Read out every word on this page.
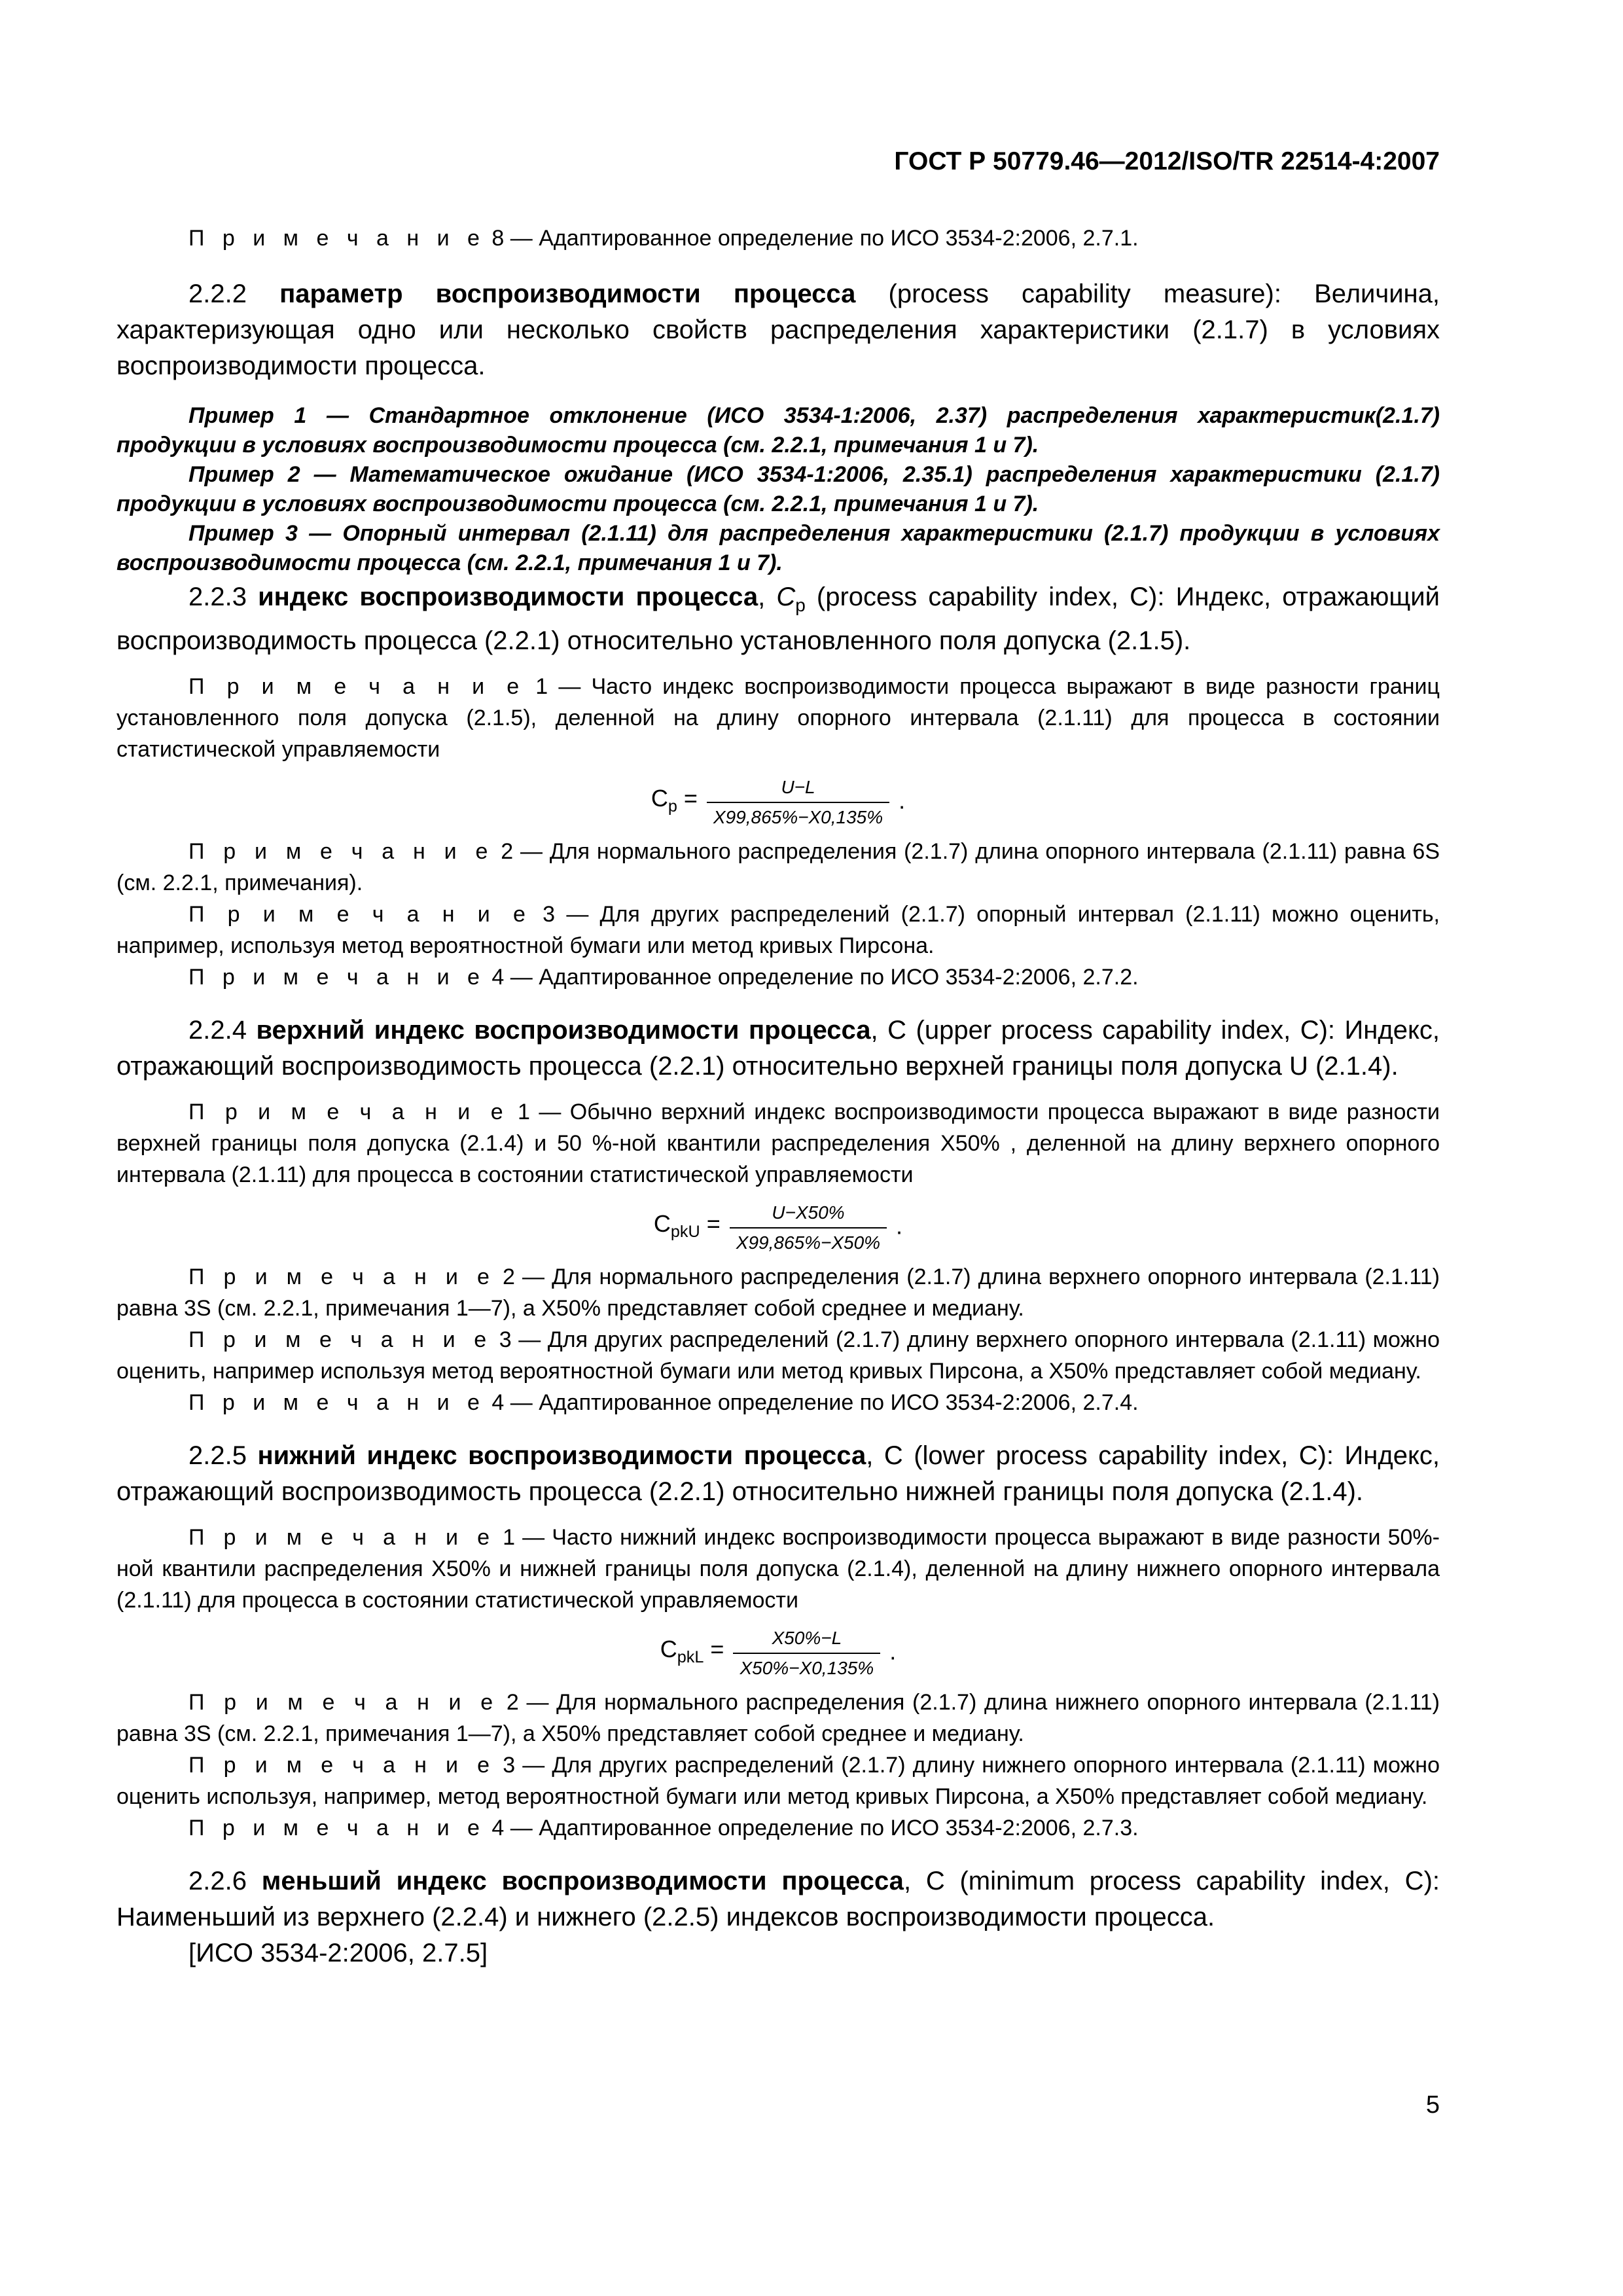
ГОСТ Р 50779.46—2012/ISO/TR 22514-4:2007

П р и м е ч а н и е 8 — Адаптированное определение по ИСО 3534-2:2006, 2.7.1.

2.2.2 параметр воспроизводимости процесса (process capability measure): Величина, характеризующая одно или несколько свойств распределения характеристики (2.1.7) в условиях воспроизводимости процесса.

Пример 1 — Стандартное отклонение (ИСО 3534-1:2006, 2.37) распределения характеристик(2.1.7) продукции в условиях воспроизводимости процесса (см. 2.2.1, примечания 1 и 7).

Пример 2 — Математическое ожидание (ИСО 3534-1:2006, 2.35.1) распределения характеристики (2.1.7) продукции в условиях воспроизводимости процесса (см. 2.2.1, примечания 1 и 7).

Пример 3 — Опорный интервал (2.1.11) для распределения характеристики (2.1.7) продукции в условиях воспроизводимости процесса (см. 2.2.1, примечания 1 и 7).

2.2.3 индекс воспроизводимости процесса, $C_p$ (process capability index, C): Индекс, отражающий воспроизводимость процесса (2.2.1) относительно установленного поля допуска (2.1.5).

П р и м е ч а н и е 1 — Часто индекс воспроизводимости процесса выражают в виде разности границ установленного поля допуска (2.1.5), деленной на длину опорного интервала (2.1.11) для процесса в состоянии статистической управляемости

$C_p = \frac{U-L}{X99,865\%-X0,135\%}$ .

П р и м е ч а н и е 2 — Для нормального распределения (2.1.7) длина опорного интервала (2.1.11) равна 6S (см. 2.2.1, примечания).

П р и м е ч а н и е 3 — Для других распределений (2.1.7) опорный интервал (2.1.11) можно оценить, например, используя метод вероятностной бумаги или метод кривых Пирсона.

П р и м е ч а н и е 4 — Адаптированное определение по ИСО 3534-2:2006, 2.7.2.

2.2.4 верхний индекс воспроизводимости процесса, C (upper process capability index, C): Индекс, отражающий воспроизводимость процесса (2.2.1) относительно верхней границы поля допуска U (2.1.4).

П р и м е ч а н и е 1 — Обычно верхний индекс воспроизводимости процесса выражают в виде разности верхней границы поля допуска (2.1.4) и 50 %-ной квантили распределения X50% , деленной на длину верхнего опорного интервала (2.1.11) для процесса в состоянии статистической управляемости

$C_{pkU} = \frac{U-X50\%}{X99,865\%-X50\%}$ .

П р и м е ч а н и е 2 — Для нормального распределения (2.1.7) длина верхнего опорного интервала (2.1.11) равна 3S (см. 2.2.1, примечания 1—7), а X50% представляет собой среднее и медиану.

П р и м е ч а н и е 3 — Для других распределений (2.1.7) длину верхнего опорного интервала (2.1.11) можно оценить, например используя метод вероятностной бумаги или метод кривых Пирсона, а X50% представляет собой медиану.

П р и м е ч а н и е 4 — Адаптированное определение по ИСО 3534-2:2006, 2.7.4.

2.2.5 нижний индекс воспроизводимости процесса, C (lower process capability index, C): Индекс, отражающий воспроизводимость процесса (2.2.1) относительно нижней границы поля допуска (2.1.4).

П р и м е ч а н и е 1 — Часто нижний индекс воспроизводимости процесса выражают в виде разности 50%-ной квантили распределения X50% и нижней границы поля допуска (2.1.4), деленной на длину нижнего опорного интервала (2.1.11) для процесса в состоянии статистической управляемости

$C_{pkL} = \frac{X50\%-L}{X50\%-X0,135\%}$ .

П р и м е ч а н и е 2 — Для нормального распределения (2.1.7) длина нижнего опорного интервала (2.1.11) равна 3S (см. 2.2.1, примечания 1—7), а X50% представляет собой среднее и медиану.

П р и м е ч а н и е 3 — Для других распределений (2.1.7) длину нижнего опорного интервала (2.1.11) можно оценить используя, например, метод вероятностной бумаги или метод кривых Пирсона, а X50% представляет собой медиану.

П р и м е ч а н и е 4 — Адаптированное определение по ИСО 3534-2:2006, 2.7.3.

2.2.6 меньший индекс воспроизводимости процесса, C (minimum process capability index, C): Наименьший из верхнего (2.2.4) и нижнего (2.2.5) индексов воспроизводимости процесса.

[ИСО 3534-2:2006, 2.7.5]

5
